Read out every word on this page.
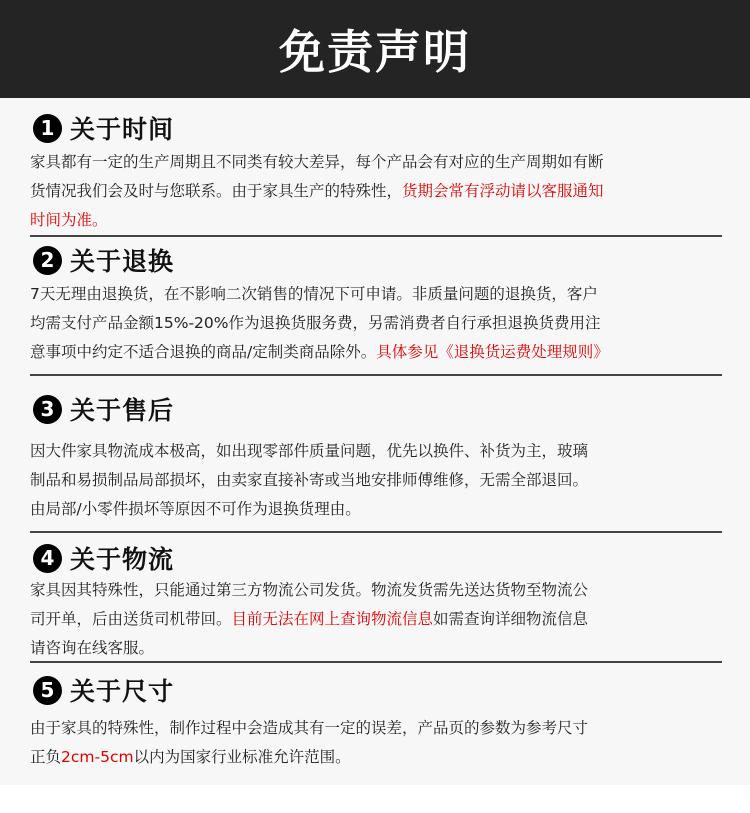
免责声明
1 关于时间
家具都有一定的生产周期且不同类有较大差异，每个产品会有对应的生产周期如有断
货情况我们会及时与您联系。由于家具生产的特殊性，货期会常有浮动请以客服通知
时间为准。
2 关于退换
7天无理由退换货，在不影响二次销售的情况下可申请。非质量问题的退换货，客户
均需支付产品金额15%-20%作为退换货服务费，另需消费者自行承担退换货费用注
意事项中约定不适合退换的商品/定制类商品除外。具体参见《退换货运费处理规则》
3 关于售后
因大件家具物流成本极高，如出现零部件质量问题，优先以换件、补货为主，玻璃
制品和易损制品局部损坏，由卖家直接补寄或当地安排师傅维修，无需全部退回。
由局部/小零件损坏等原因不可作为退换货理由。
4 关于物流
家具因其特殊性，只能通过第三方物流公司发货。物流发货需先送达货物至物流公
司开单，后由送货司机带回。目前无法在网上查询物流信息如需查询详细物流信息
请咨询在线客服。
5 关于尺寸
由于家具的特殊性，制作过程中会造成其有一定的误差，产品页的参数为参考尺寸
正负2cm-5cm以内为国家行业标准允许范围。
